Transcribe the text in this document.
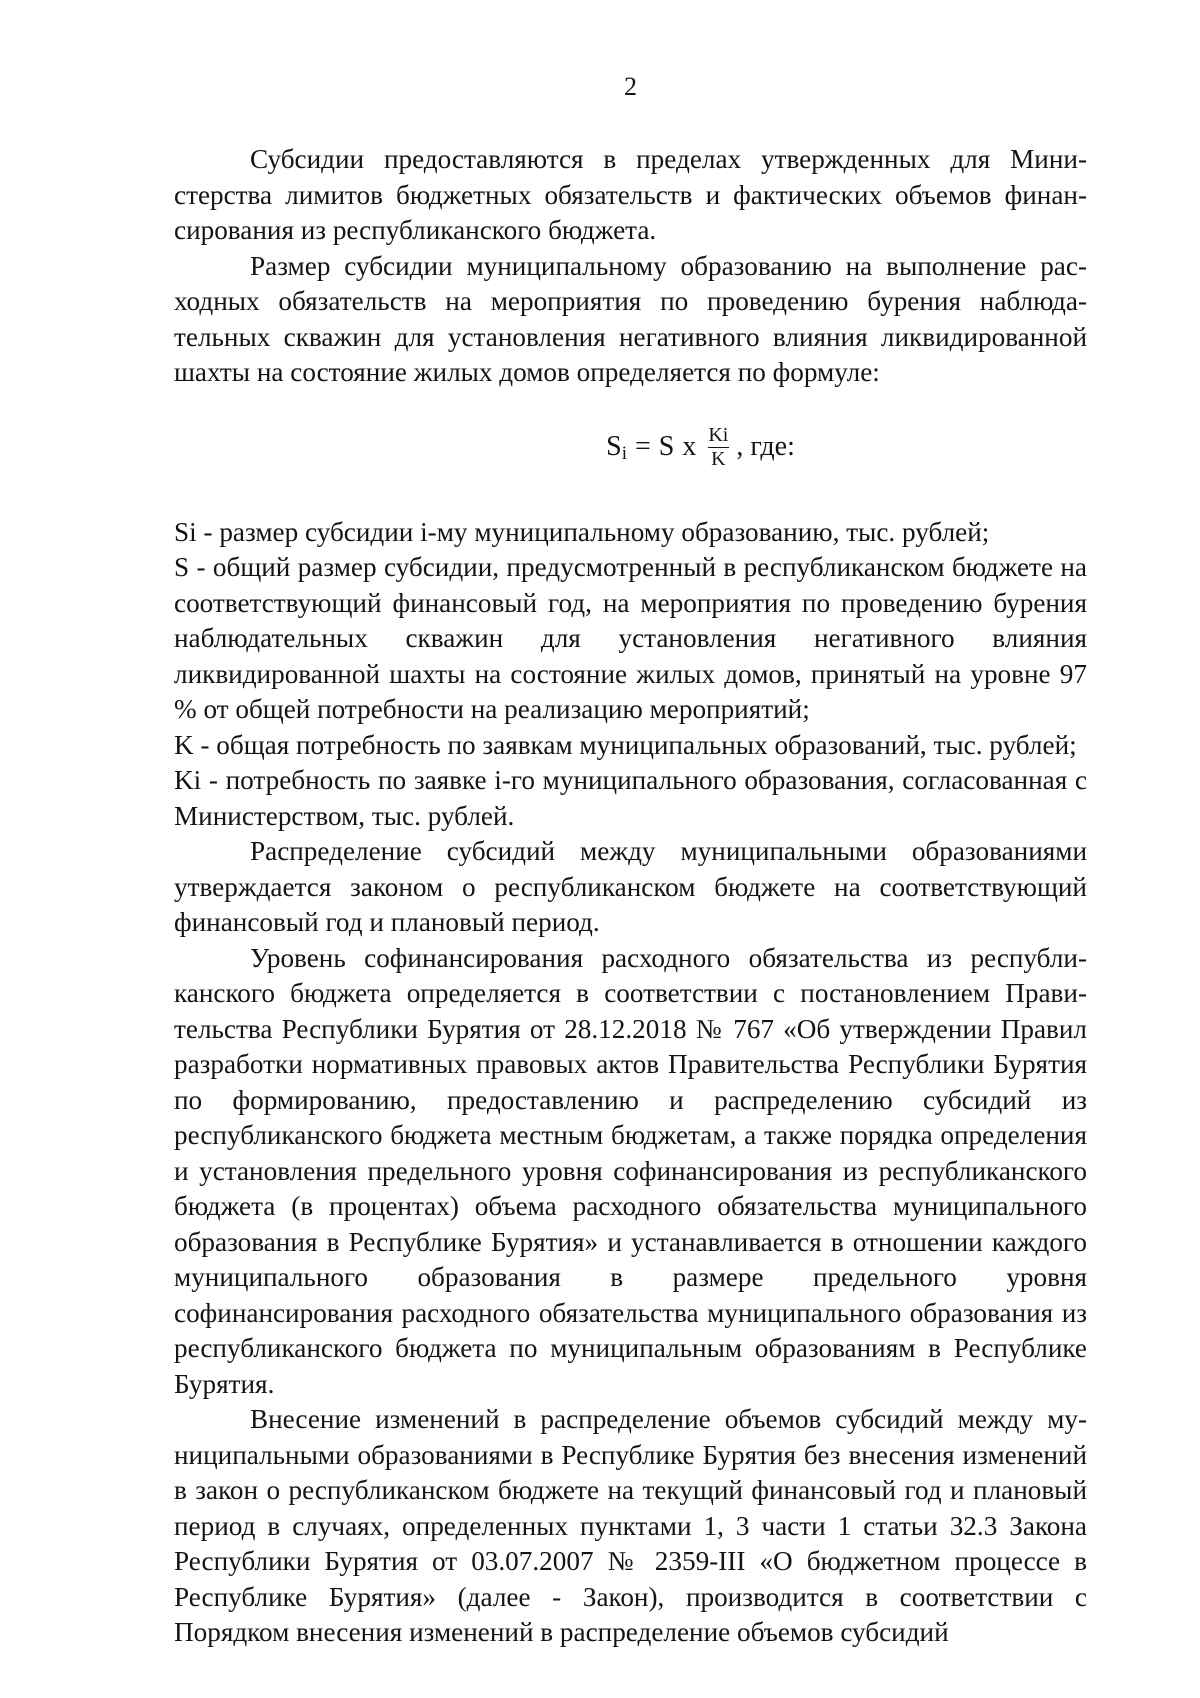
2

Субсидии предоставляются в пределах утвержденных для Министерства лимитов бюджетных обязательств и фактических объемов финансирования из республиканского бюджета.

Размер субсидии муниципальному образованию на выполнение расходных обязательств на мероприятия по проведению бурения наблюдательных скважин для установления негативного влияния ликвидированной шахты на состояние жилых домов определяется по формуле:

S i = S x $\frac{Ki}{K}$ , где:

Si - размер субсидии i-му муниципальному образованию, тыс. рублей;

S - общий размер субсидии, предусмотренный в республиканском бюджете на соответствующий финансовый год, на мероприятия по проведению бурения наблюдательных скважин для установления негативного влияния ликвидированной шахты на состояние жилых домов, принятый на уровне 97 % от общей потребности на реализацию мероприятий;

K - общая потребность по заявкам муниципальных образований, тыс. рублей;

Ki - потребность по заявке i-го муниципального образования, согласованная с Министерством, тыс. рублей.

Распределение субсидий между муниципальными образованиями утверждается законом о республиканском бюджете на соответствующий финансовый год и плановый период.

Уровень софинансирования расходного обязательства из республиканского бюджета определяется в соответствии с постановлением Правительства Республики Бурятия от 28.12.2018 № 767 «Об утверждении Правил разработки нормативных правовых актов Правительства Республики Бурятия по формированию, предоставлению и распределению субсидий из республиканского бюджета местным бюджетам, а также порядка определения и установления предельного уровня софинансирования из республиканского бюджета (в процентах) объема расходного обязательства муниципального образования в Республике Бурятия» и устанавливается в отношении каждого муниципального образования в размере предельного уровня софинансирования расходного обязательства муниципального образования из республиканского бюджета по муниципальным образованиям в Республике Бурятия.

Внесение изменений в распределение объемов субсидий между муниципальными образованиями в Республике Бурятия без внесения изменений в закон о республиканском бюджете на текущий финансовый год и плановый период в случаях, определенных пунктами 1, 3 части 1 статьи 32.3 Закона Республики Бурятия от 03.07.2007 № 2359-III «О бюджетном процессе в Республике Бурятия» (далее - Закон), производится в соответствии с Порядком внесения изменений в распределение объемов субсидий
